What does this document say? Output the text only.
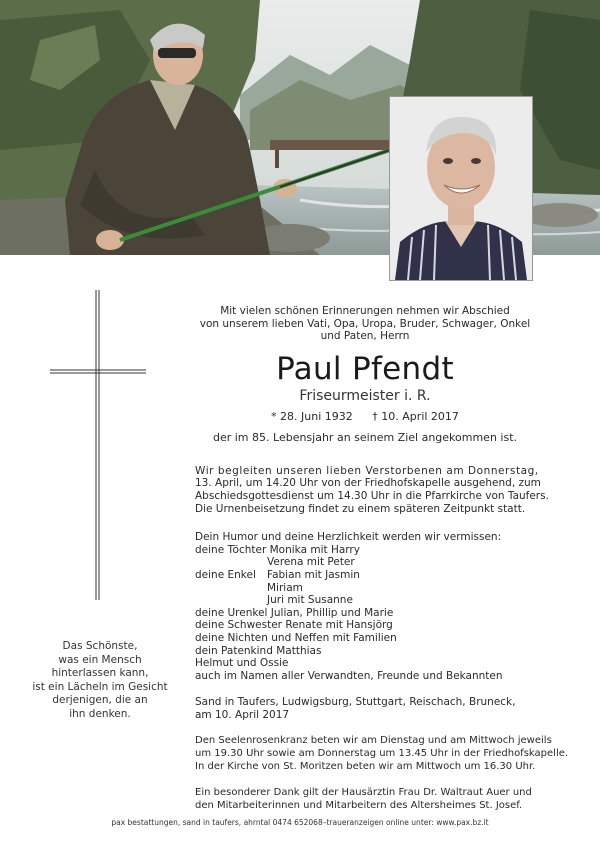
Das Schönste,
was ein Mensch
hinterlassen kann,
ist ein Lächeln im Gesicht
derjenigen, die an
ihn denken.
Mit vielen schönen Erinnerungen nehmen wir Abschied
von unserem lieben Vati, Opa, Uropa, Bruder, Schwager, Onkel
und Paten, Herrn
Paul Pfendt
Friseurmeister i. R.
* 28. Juni 1932 † 10. April 2017
der im 85. Lebensjahr an seinem Ziel angekommen ist.
Wir begleiten unseren lieben Verstorbenen am Donnerstag,
13. April, um 14.20 Uhr von der Friedhofskapelle ausgehend, zum
Abschiedsgottesdienst um 14.30 Uhr in die Pfarrkirche von Taufers.
Die Urnenbeisetzung findet zu einem späteren Zeitpunkt statt.
Dein Humor und deine Herzlichkeit werden wir vermissen:
deine Töchter Monika mit Harry
Verena mit Peter
deine Enkel	Fabian mit Jasmin
Miriam
Juri mit Susanne
deine Urenkel Julian, Phillip und Marie
deine Schwester Renate mit Hansjörg
deine Nichten und Neffen mit Familien
dein Patenkind Matthias
Helmut und Ossie
auch im Namen aller Verwandten, Freunde und Bekannten
Sand in Taufers, Ludwigsburg, Stuttgart, Reischach, Bruneck,
am 10. April 2017
Den Seelenrosenkranz beten wir am Dienstag und am Mittwoch jeweils
um 19.30 Uhr sowie am Donnerstag um 13.45 Uhr in der Friedhofskapelle.
In der Kirche von St. Moritzen beten wir am Mittwoch um 16.30 Uhr.
Ein besonderer Dank gilt der Hausärztin Frau Dr. Waltraut Auer und
den Mitarbeiterinnen und Mitarbeitern des Altersheimes St. Josef.
pax bestattungen, sand in taufers, ahrntal 0474 652068–traueranzeigen online unter: www.pax.bz.it
